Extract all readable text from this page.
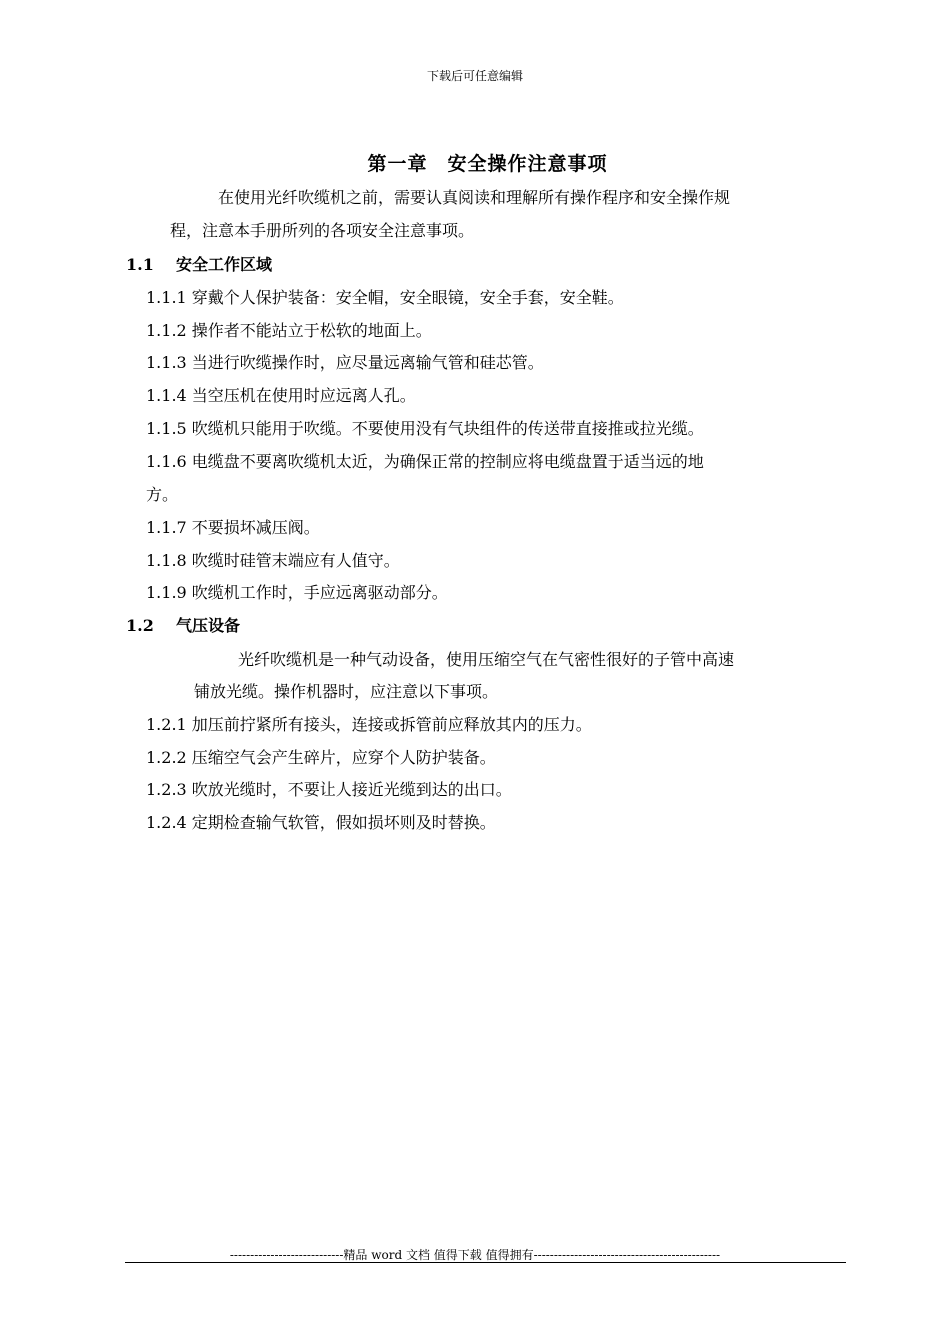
下载后可任意编辑
第一章　安全操作注意事项
在使用光纤吹缆机之前，需要认真阅读和理解所有操作程序和安全操作规
程，注意本手册所列的各项安全注意事项。
1.1 安全工作区域
1.1.1 穿戴个人保护装备：安全帽，安全眼镜，安全手套，安全鞋。
1.1.2 操作者不能站立于松软的地面上。
1.1.3 当进行吹缆操作时，应尽量远离输气管和硅芯管。
1.1.4 当空压机在使用时应远离人孔。
1.1.5 吹缆机只能用于吹缆。不要使用没有气块组件的传送带直接推或拉光缆。
1.1.6 电缆盘不要离吹缆机太近，为确保正常的控制应将电缆盘置于适当远的地
方。
1.1.7 不要损坏减压阀。
1.1.8 吹缆时硅管末端应有人值守。
1.1.9 吹缆机工作时，手应远离驱动部分。
1.2 气压设备
光纤吹缆机是一种气动设备，使用压缩空气在气密性很好的子管中高速
铺放光缆。操作机器时，应注意以下事项。
1.2.1 加压前拧紧所有接头，连接或拆管前应释放其内的压力。
1.2.2 压缩空气会产生碎片，应穿个人防护装备。
1.2.3 吹放光缆时，不要让人接近光缆到达的出口。
1.2.4 定期检查输气软管，假如损坏则及时替换。
----------------------------精品 word 文档 值得下载 值得拥有----------------------------------------------
